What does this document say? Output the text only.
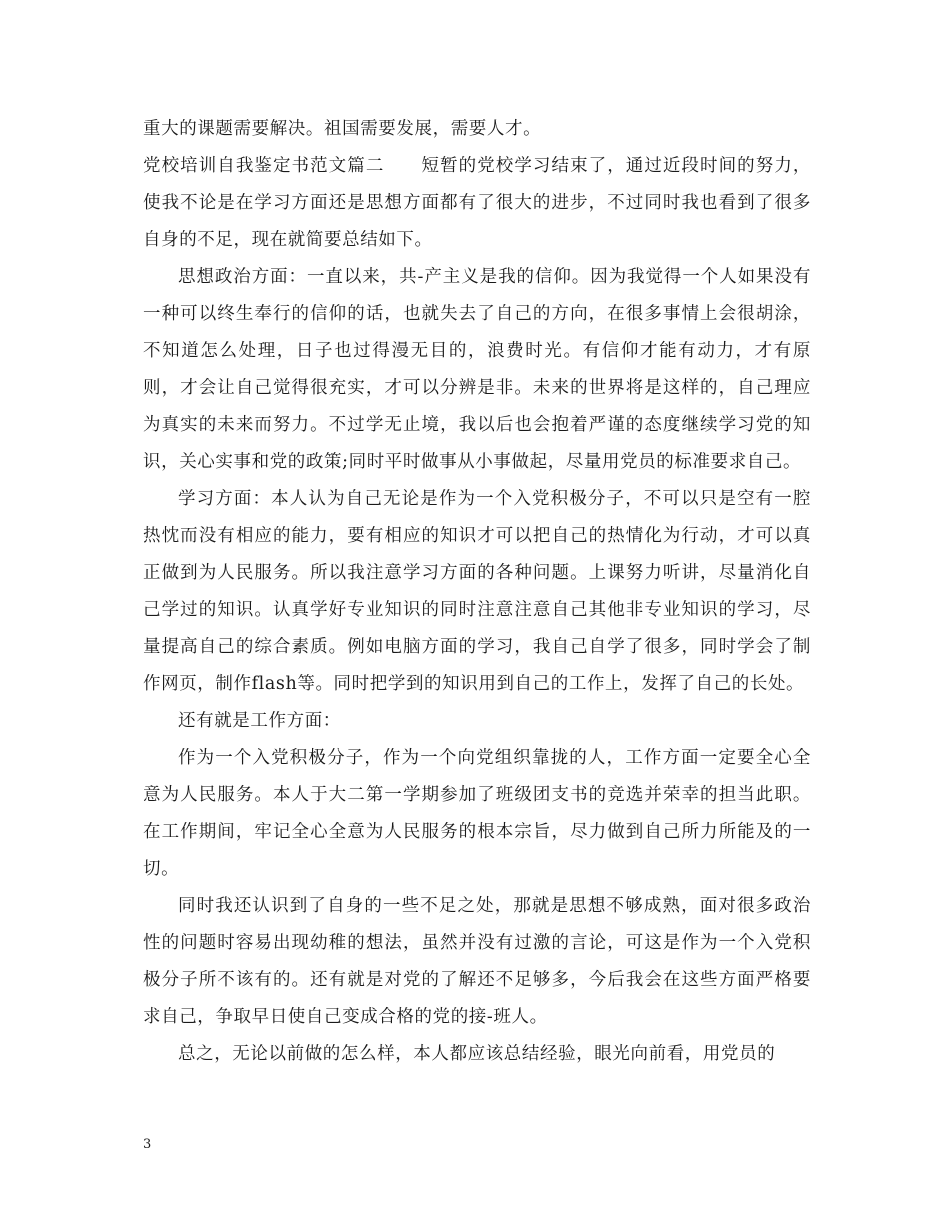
重大的课题需要解决。祖国需要发展，需要人才。

党校培训自我鉴定书范文篇二　　短暂的党校学习结束了，通过近段时间的努力，使我不论是在学习方面还是思想方面都有了很大的进步，不过同时我也看到了很多自身的不足，现在就简要总结如下。

思想政治方面：一直以来，共-产主义是我的信仰。因为我觉得一个人如果没有一种可以终生奉行的信仰的话，也就失去了自己的方向，在很多事情上会很胡涂，不知道怎么处理，日子也过得漫无目的，浪费时光。有信仰才能有动力，才有原则，才会让自己觉得很充实，才可以分辨是非。未来的世界将是这样的，自己理应为真实的未来而努力。不过学无止境，我以后也会抱着严谨的态度继续学习党的知识，关心实事和党的政策;同时平时做事从小事做起，尽量用党员的标准要求自己。

学习方面：本人认为自己无论是作为一个入党积极分子，不可以只是空有一腔热忱而没有相应的能力，要有相应的知识才可以把自己的热情化为行动，才可以真正做到为人民服务。所以我注意学习方面的各种问题。上课努力听讲，尽量消化自己学过的知识。认真学好专业知识的同时注意注意自己其他非专业知识的学习，尽量提高自己的综合素质。例如电脑方面的学习，我自己自学了很多，同时学会了制作网页，制作flash等。同时把学到的知识用到自己的工作上，发挥了自己的长处。

还有就是工作方面：

作为一个入党积极分子，作为一个向党组织靠拢的人，工作方面一定要全心全意为人民服务。本人于大二第一学期参加了班级团支书的竞选并荣幸的担当此职。在工作期间，牢记全心全意为人民服务的根本宗旨，尽力做到自己所力所能及的一切。

同时我还认识到了自身的一些不足之处，那就是思想不够成熟，面对很多政治性的问题时容易出现幼稚的想法，虽然并没有过激的言论，可这是作为一个入党积极分子所不该有的。还有就是对党的了解还不足够多，今后我会在这些方面严格要求自己，争取早日使自己变成合格的党的接-班人。

总之，无论以前做的怎么样，本人都应该总结经验，眼光向前看，用党员的

3
